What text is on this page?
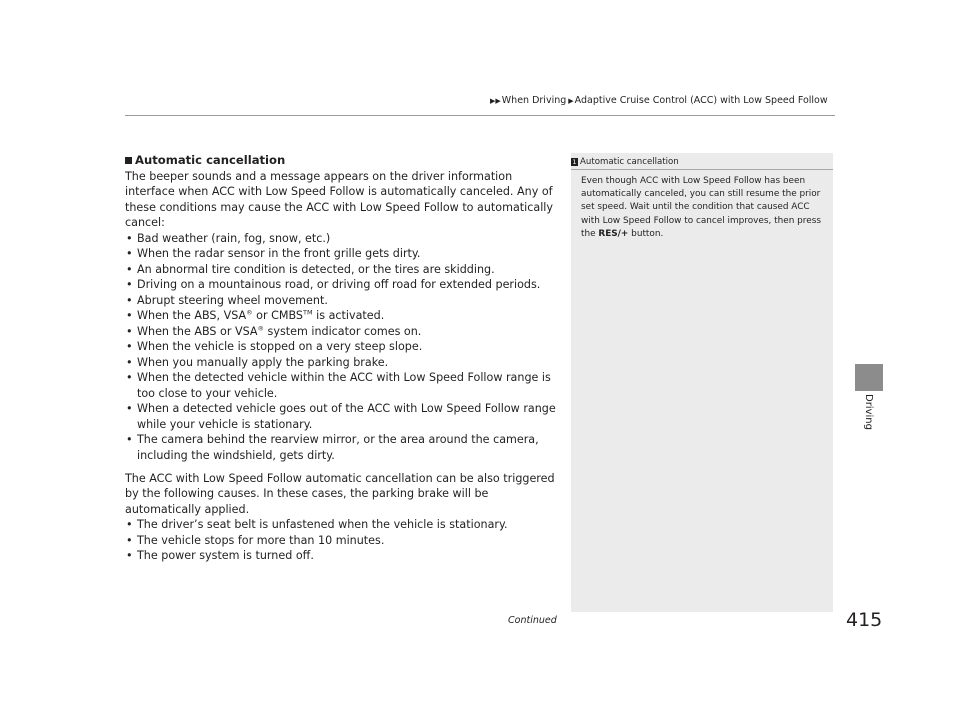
▶▶ When Driving ▶ Adaptive Cruise Control (ACC) with Low Speed Follow
Driving
Automatic cancellation

The beeper sounds and a message appears on the driver information interface when ACC with Low Speed Follow is automatically canceled. Any of these conditions may cause the ACC with Low Speed Follow to automatically cancel:

• Bad weather (rain, fog, snow, etc.)
• When the radar sensor in the front grille gets dirty.
• An abnormal tire condition is detected, or the tires are skidding.
• Driving on a mountainous road, or driving off road for extended periods.
• Abrupt steering wheel movement.
• When the ABS, VSA® or CMBS™ is activated.
• When the ABS or VSA® system indicator comes on.
• When the vehicle is stopped on a very steep slope.
• When you manually apply the parking brake.
• When the detected vehicle within the ACC with Low Speed Follow range is too close to your vehicle.
• When a detected vehicle goes out of the ACC with Low Speed Follow range while your vehicle is stationary.
• The camera behind the rearview mirror, or the area around the camera, including the windshield, gets dirty.

The ACC with Low Speed Follow automatic cancellation can be also triggered by the following causes. In these cases, the parking brake will be automatically applied.

• The driver’s seat belt is unfastened when the vehicle is stationary.
• The vehicle stops for more than 10 minutes.
• The power system is turned off.
1 Automatic cancellation
Even though ACC with Low Speed Follow has been automatically canceled, you can still resume the prior set speed. Wait until the condition that caused ACC with Low Speed Follow to cancel improves, then press the RES/+ button.
Continued	415
